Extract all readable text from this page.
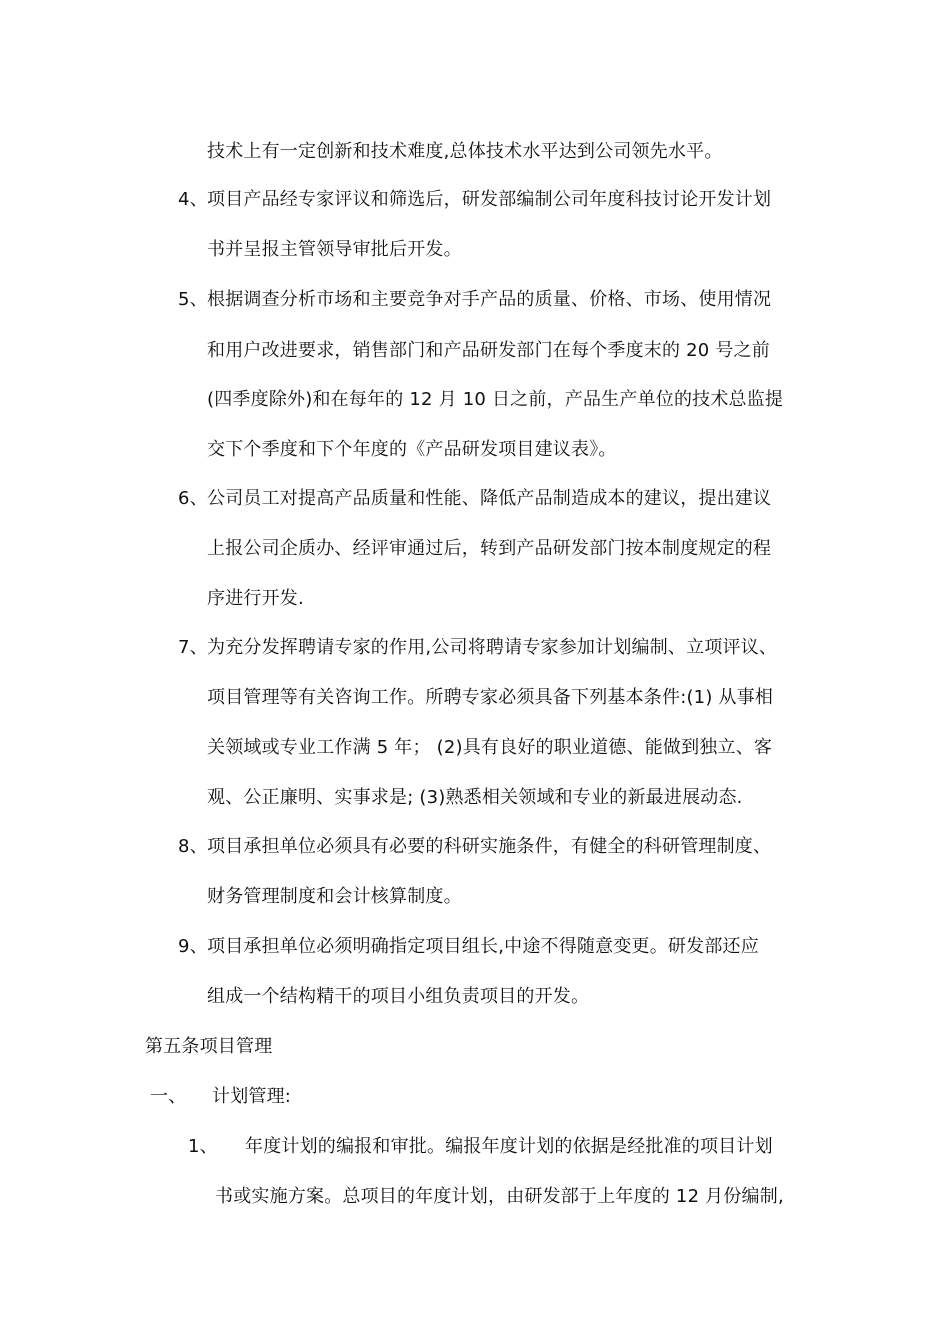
技术上有一定创新和技术难度,总体技术水平达到公司领先水平。
4、 项目产品经专家评议和筛选后，研发部编制公司年度科技讨论开发计划
书并呈报主管领导审批后开发。
5、 根据调查分析市场和主要竞争对手产品的质量、价格、市场、使用情况
和用户改进要求，销售部门和产品研发部门在每个季度末的 20 号之前
(四季度除外)和在每年的 12 月 10 日之前，产品生产单位的技术总监提
交下个季度和下个年度的《产品研发项目建议表》。
6、 公司员工对提高产品质量和性能、降低产品制造成本的建议，提出建议
上报公司企质办、经评审通过后，转到产品研发部门按本制度规定的程
序进行开发.
7、 为充分发挥聘请专家的作用,公司将聘请专家参加计划编制、立项评议、
项目管理等有关咨询工作。所聘专家必须具备下列基本条件:(1) 从事相
关领域或专业工作满 5 年； (2)具有良好的职业道德、能做到独立、客
观、公正廉明、实事求是; (3)熟悉相关领域和专业的新最进展动态.
8、 项目承担单位必须具有必要的科研实施条件，有健全的科研管理制度、
财务管理制度和会计核算制度。
9、 项目承担单位必须明确指定项目组长,中途不得随意变更。研发部还应
组成一个结构精干的项目小组负责项目的开发。
第五条项目管理
一、 计划管理:
1、 年度计划的编报和审批。编报年度计划的依据是经批准的项目计划
书或实施方案。总项目的年度计划，由研发部于上年度的 12 月份编制,
